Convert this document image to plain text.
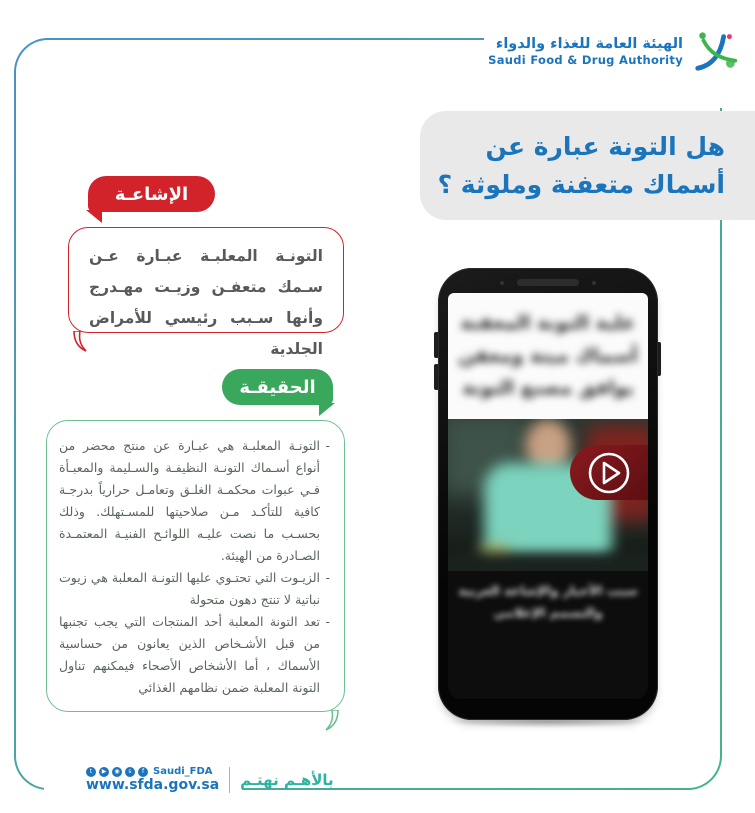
الهيئة العامة للغذاء والدواء
Saudi Food & Drug Authority
هل التونة عبارة عن
أسماك متعفنة وملوثة ؟
الإشاعـة
التونـة المعلبـة عبـارة عـن سـمك متعفـن وزيـت مهـدرج وأنها سـبب رئيسي للأمراض الجلدية
الحقيقـة
-
التونـة المعلبـة هي عبـارة عن منتج محضر من أنواع أسـماك التونـة النظيفـة والسـليمة والمعبـأة فـي عبوات محكمـة الغلـق وتعامـل حرارياً بدرجـة كافية للتأكـد مـن صلاحيتها للمسـتهلك. وذلك بحسـب ما نصت عليـه اللوائـح الفنيـة المعتمـدة الصـادرة من الهيئة.
-
الزيـوت التي تحتـوي عليها التونـة المعلبة هي زيوت نباتية لا تنتج دهون متحولة
-
تعد التونة المعلبة أحد المنتجات التي يجب تجنبها من قبل الأشـخاص الذين يعانون من حساسية الأسماك ، أما الأشخاص الأصحاء فيمكنهم تناول التونة المعلبة ضمن نظامهم الغذائي
علبة التونة المعفنة
أسماك ميتة ومعفن
يوافق مصنع التونة
سبب الأخبار والإشاعة العربية
والتسمم الإعلامي
t	▶	◉	s	f Saudi_FDA
www.sfda.gov.sa بالأهـم نهتـم
